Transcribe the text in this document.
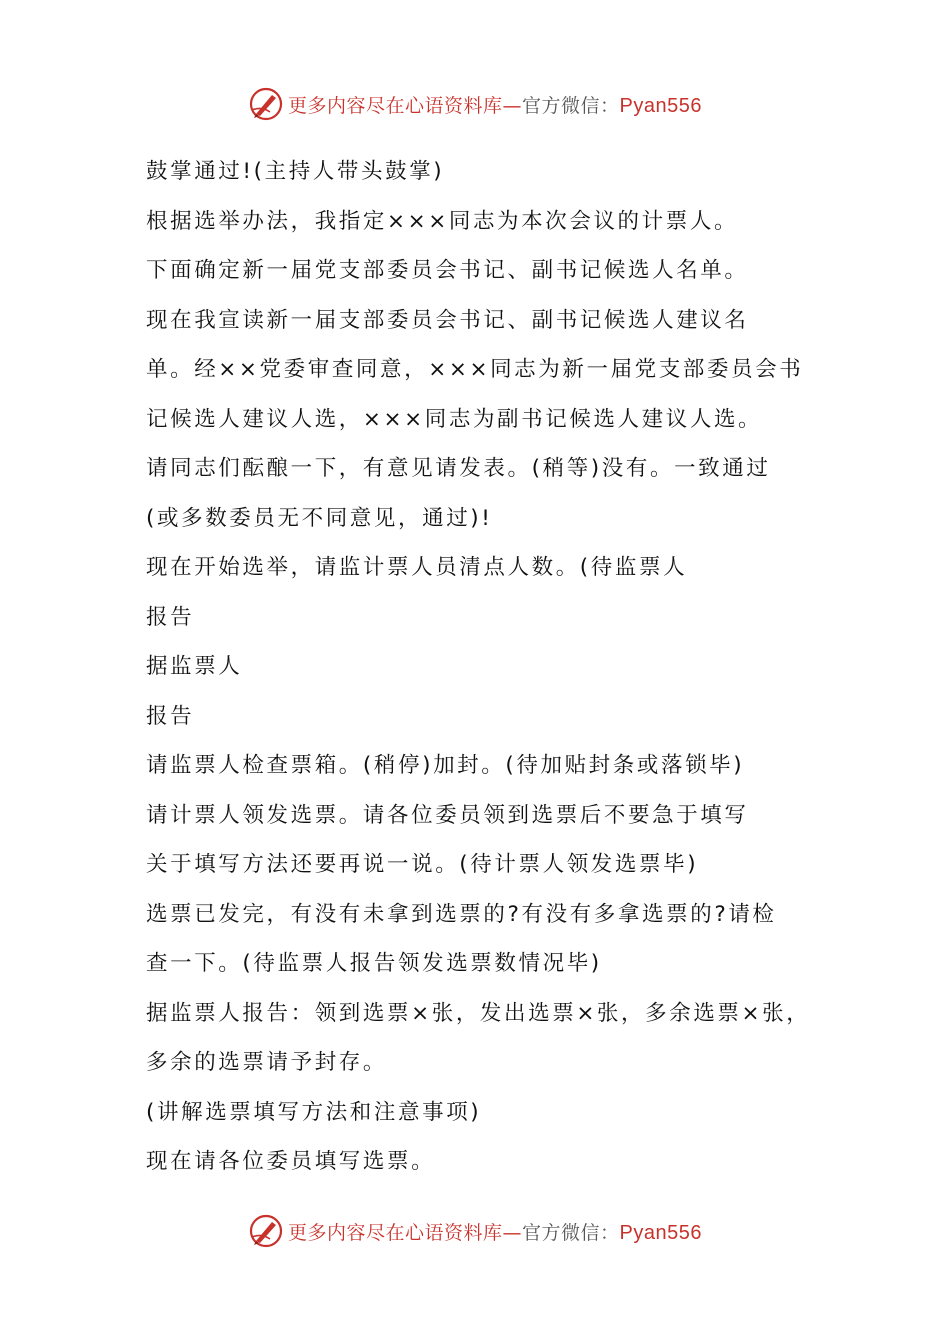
更多内容尽在心语资料库—官方微信：Pyan556
鼓掌通过!(主持人带头鼓掌)
根据选举办法，我指定×××同志为本次会议的计票人。
下面确定新一届党支部委员会书记、副书记候选人名单。
现在我宣读新一届支部委员会书记、副书记候选人建议名
单。经××党委审查同意，×××同志为新一届党支部委员会书
记候选人建议人选，×××同志为副书记候选人建议人选。
请同志们酝酿一下，有意见请发表。(稍等)没有。一致通过
(或多数委员无不同意见，通过)!
现在开始选举，请监计票人员清点人数。(待监票人
报告
据监票人
报告
请监票人检查票箱。(稍停)加封。(待加贴封条或落锁毕)
请计票人领发选票。请各位委员领到选票后不要急于填写
关于填写方法还要再说一说。(待计票人领发选票毕)
选票已发完，有没有未拿到选票的?有没有多拿选票的?请检
查一下。(待监票人报告领发选票数情况毕)
据监票人报告：领到选票×张，发出选票×张，多余选票×张，
多余的选票请予封存。
(讲解选票填写方法和注意事项)
现在请各位委员填写选票。
更多内容尽在心语资料库—官方微信：Pyan556
